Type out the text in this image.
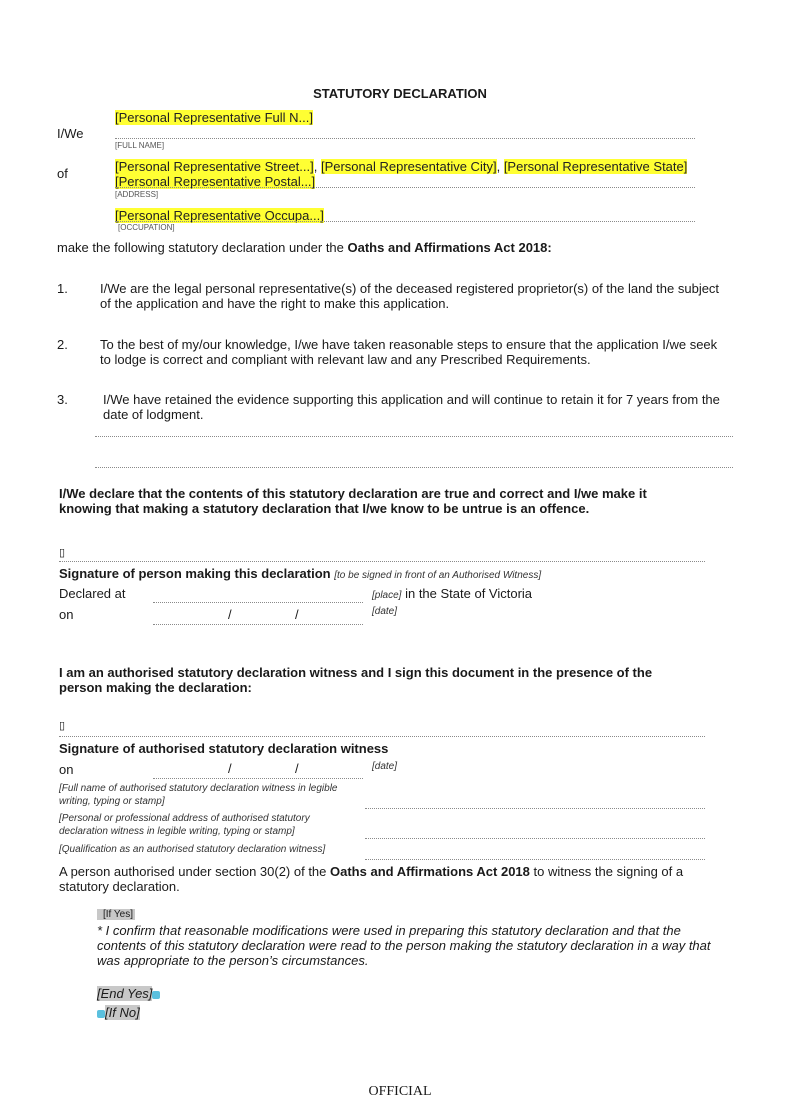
STATUTORY DECLARATION
I/We
[Personal Representative Full N...]
[FULL NAME]
of	[Personal Representative Street...], [Personal Representative City], [Personal Representative State]
[Personal Representative Postal...]
[ADDRESS]
[Personal Representative Occupa...]
[OCCUPATION]
make the following statutory declaration under the Oaths and Affirmations Act 2018:
1. I/We are the legal personal representative(s) of the deceased registered proprietor(s) of the land the subject of the application and have the right to make this application.
2. To the best of my/our knowledge, I/we have taken reasonable steps to ensure that the application I/we seek to lodge is correct and compliant with relevant law and any Prescribed Requirements.
3.	I/We have retained the evidence supporting this application and will continue to retain it for 7 years from the date of lodgment.
I/We declare that the contents of this statutory declaration are true and correct and I/we make it knowing that making a statutory declaration that I/we know to be untrue is an offence.
▯
Signature of person making this declaration [to be signed in front of an Authorised Witness]
Declared at	[place] in the State of Victoria
on	/	/	[date]
I am an authorised statutory declaration witness and I sign this document in the presence of the person making the declaration:
▯
Signature of authorised statutory declaration witness
on	/	/	[date]
[Full name of authorised statutory declaration witness in legible writing, typing or stamp]
[Personal or professional address of authorised statutory declaration witness in legible writing, typing or stamp]
[Qualification as an authorised statutory declaration witness]
A person authorised under section 30(2) of the Oaths and Affirmations Act 2018 to witness the signing of a statutory declaration.
[If Yes]
* I confirm that reasonable modifications were used in preparing this statutory declaration and that the contents of this statutory declaration were read to the person making the statutory declaration in a way that was appropriate to the person’s circumstances.
[End Yes]
[If No]
OFFICIAL
